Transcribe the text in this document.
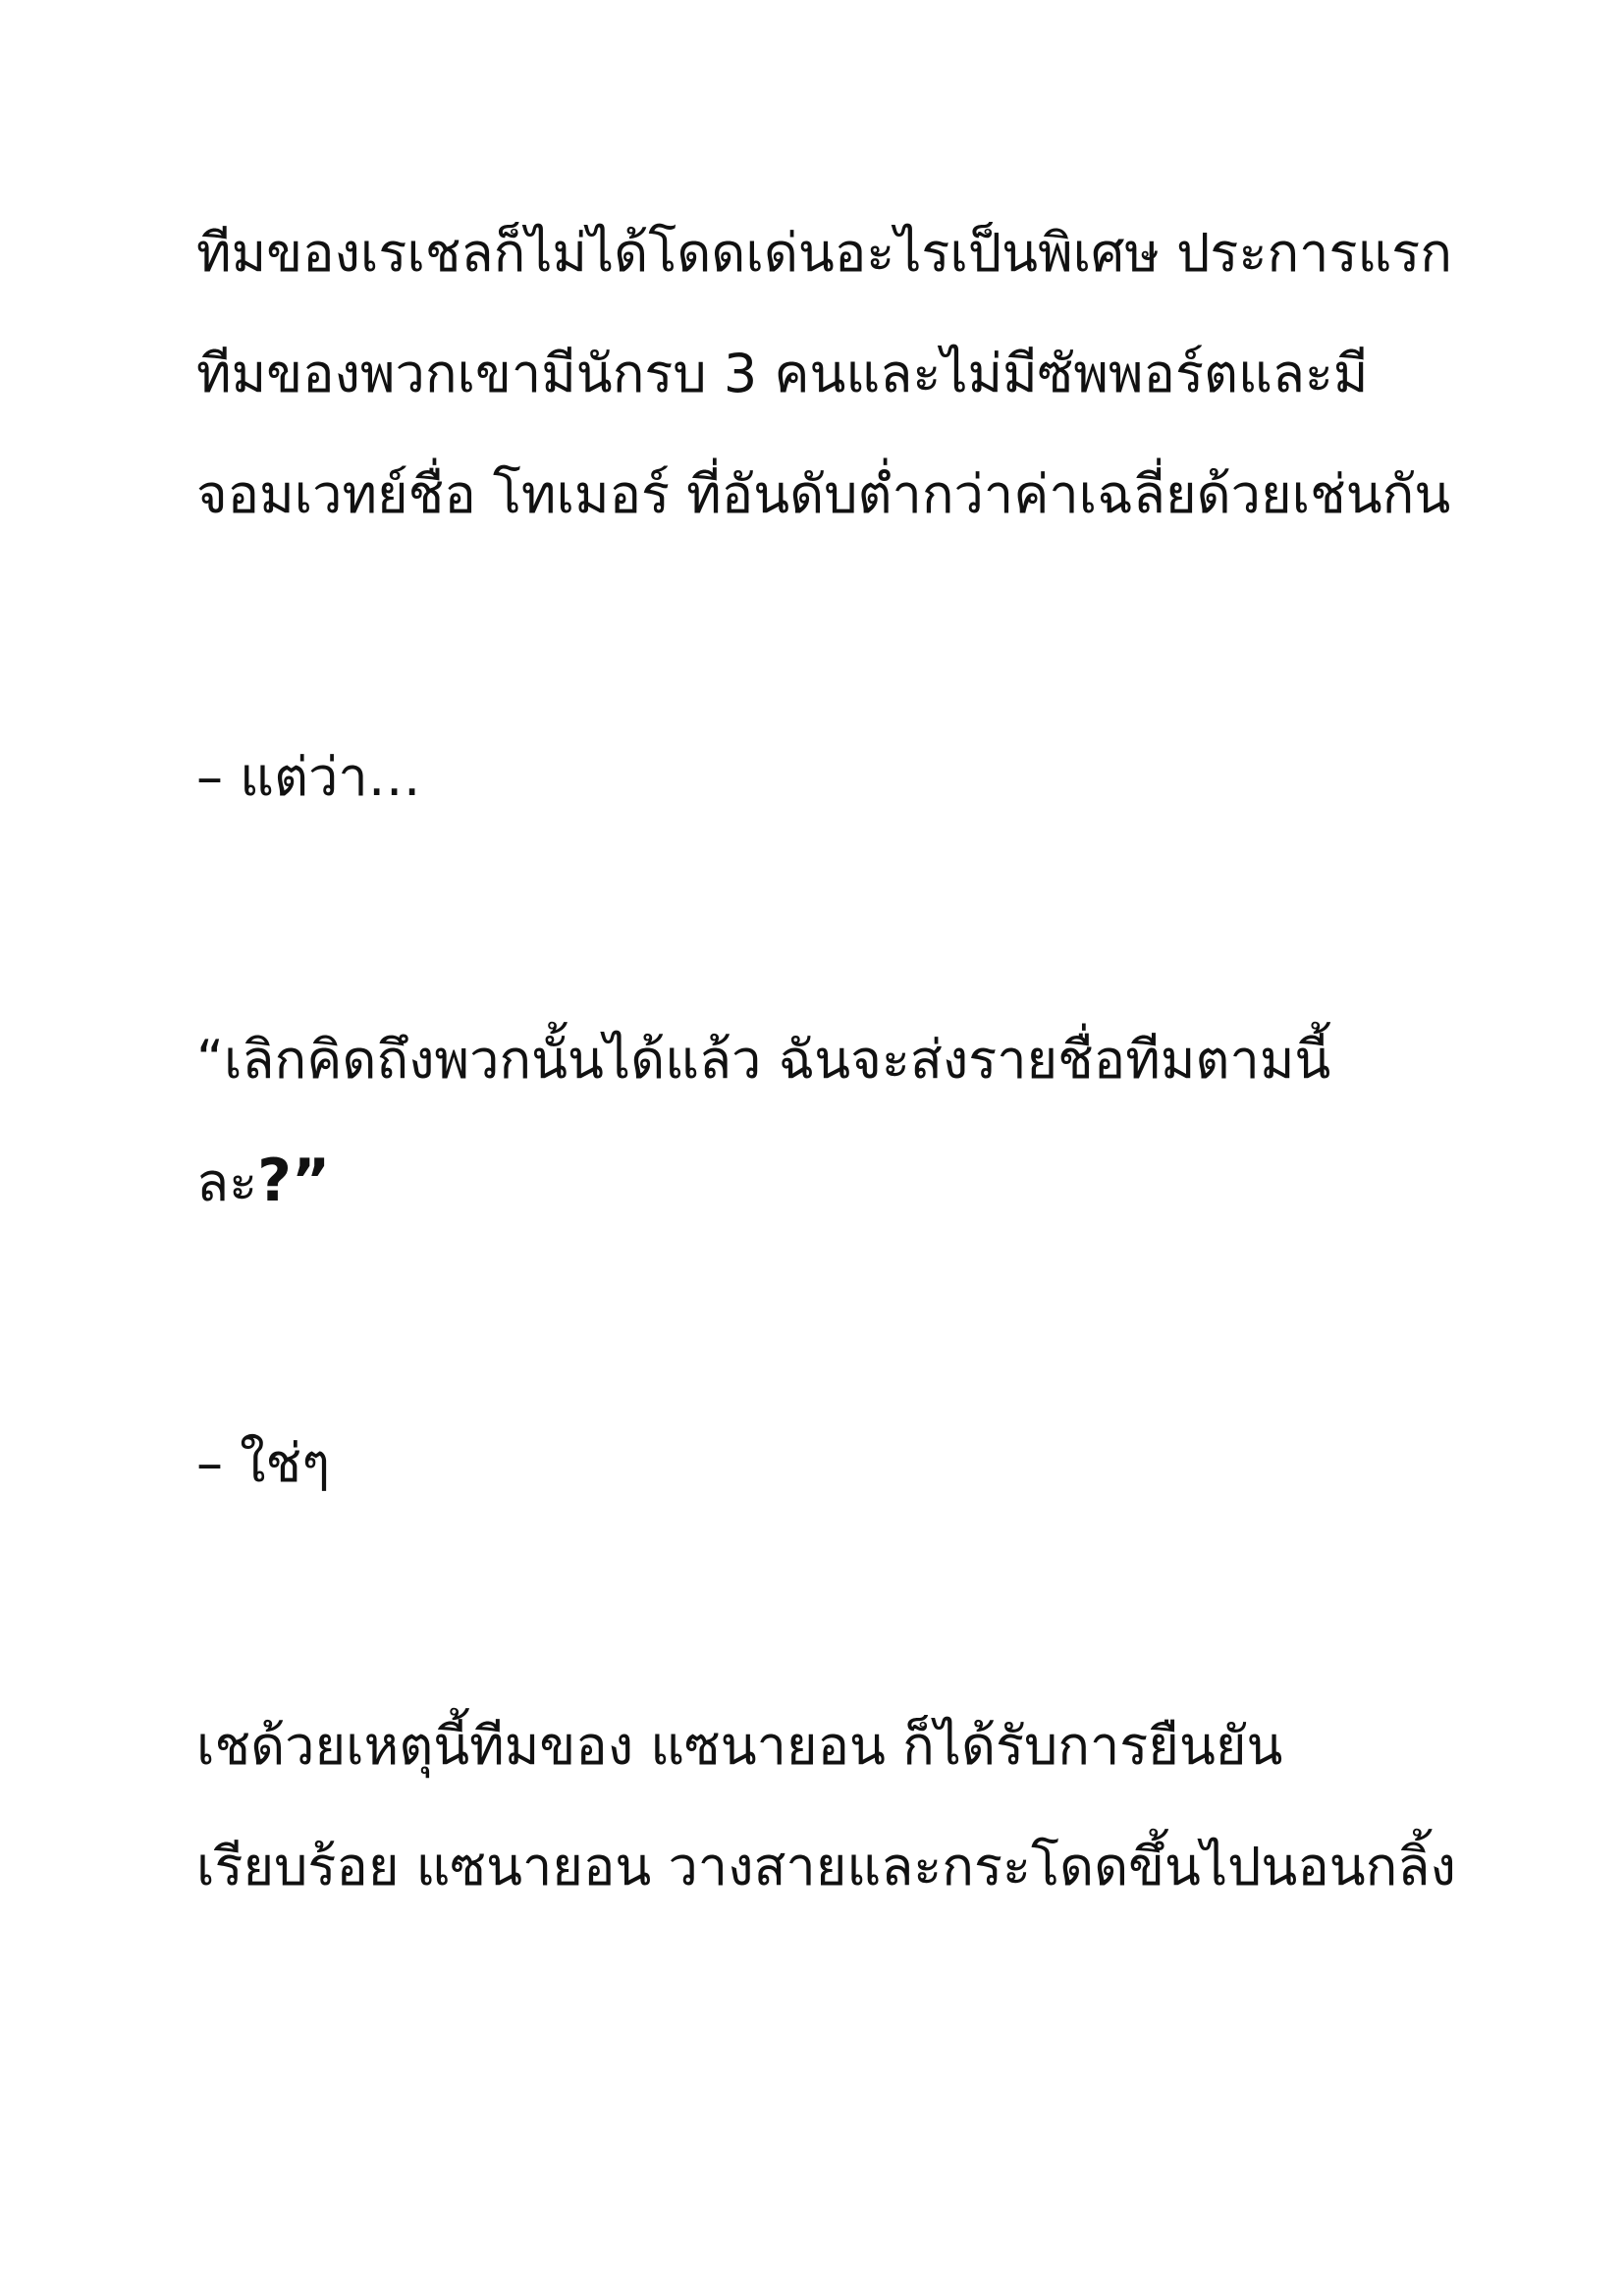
ทีมของเรเชลก็ไม่ได้โดดเด่นอะไรเป็นพิเศษ ประการแรก
ทีมของพวกเขามีนักรบ 3 คนและไม่มีซัพพอร์ตและมี
จอมเวทย์ชื่อ โทเมอร์ ที่อันดับต่ำกว่าค่าเฉลี่ยด้วยเช่นกัน
– แต่ว่า…
“เลิกคิดถึงพวกนั้นได้แล้ว ฉันจะส่งรายชื่อทีมตามนี้
ละ?”
– ใช่ๆ
เชด้วยเหตุนี้ทีมของ แซนายอน ก็ได้รับการยืนยัน
เรียบร้อย แซนายอน วางสายและกระโดดขึ้นไปนอนกลิ้ง
